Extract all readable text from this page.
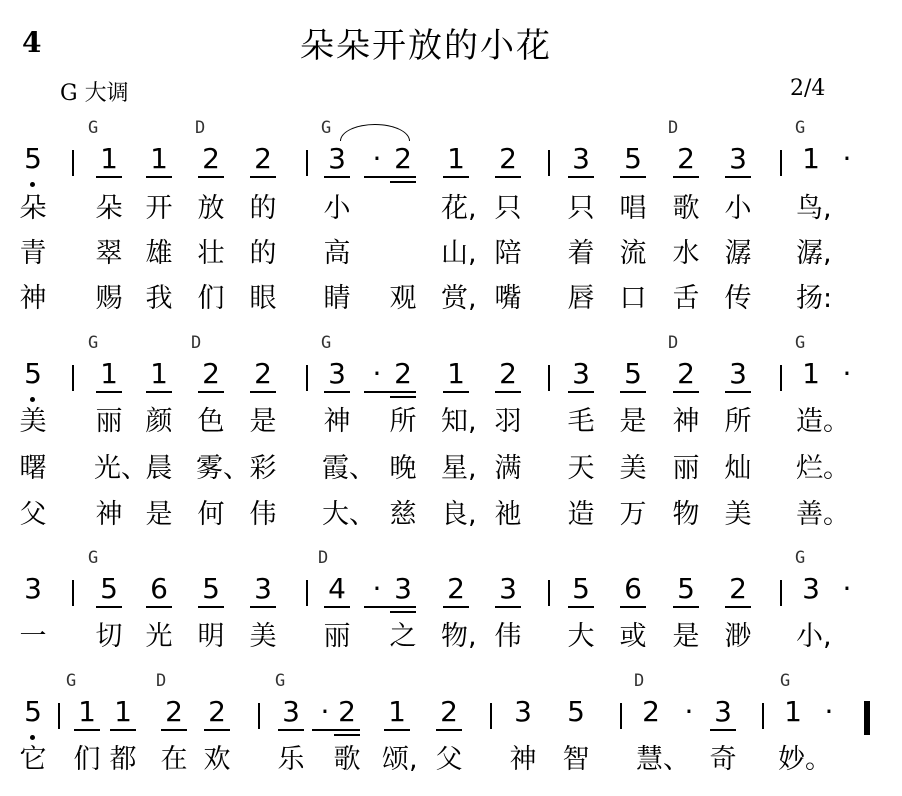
4	朵朵开放的小花
G 大调	2/4
G	D	G	D	G
5 1 1 2 2 3 · 2 1 2 3 5 2 3 1 ·
G	D	G	D	G
5 1 1 2 2 3 · 2 1 2 3 5 2 3 1 ·
G	D	G
3 5 6 5 3 4 · 3 2 3 5 6 5 2 3 ·
G	D	G	D	G
5 1 1 2 2 3 · 2 1 2 3 5 2 · 3 1 ·
朵 朵 开 放 的 小	花, 只 只 唱 歌 小 鸟,
青 翠 雄 壮 的 高	山, 陪 着 流 水 潺 潺,
神 赐 我 们 眼 睛 观 赏, 嘴 唇 口 舌 传 扬:
美 丽 颜 色 是 神 所 知, 羽 毛 是 神 所 造。
曙 光、
晨 雾、 彩 霞、 晚 星, 满 天 美 丽 灿 烂。
父 神 是 何 伟 大、 慈 良, 祂 造 万 物 美 善。
一 切 光 明 美 丽 之 物, 伟 大 或 是 渺 小,
它 们 都 在 欢 乐 歌 颂, 父 神 智 慧、 奇 妙。
